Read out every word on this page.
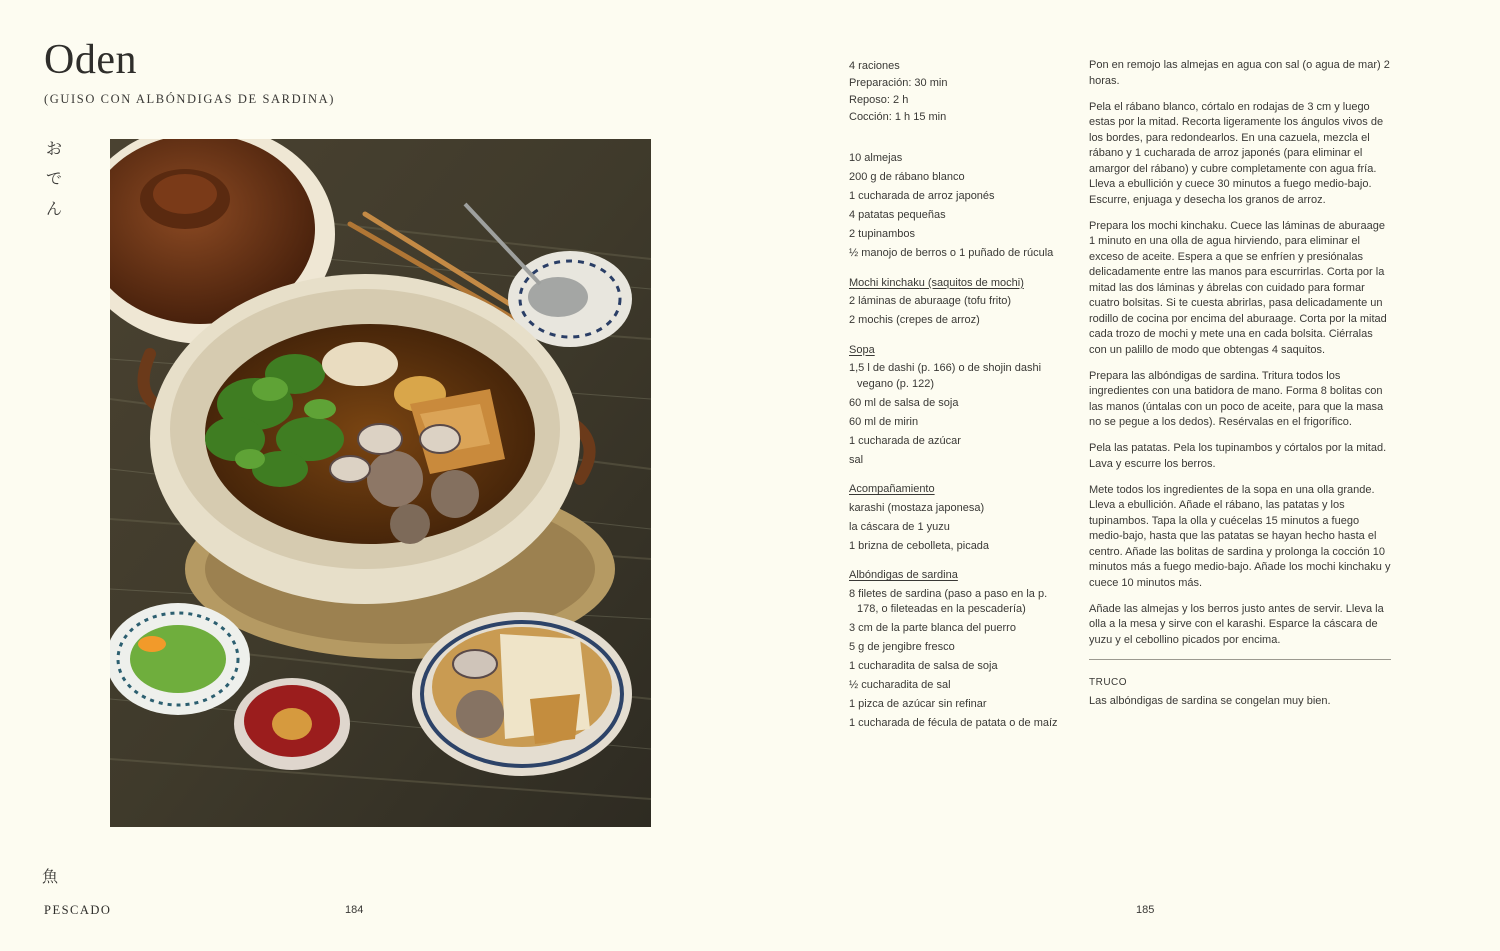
Oden
(GUISO CON ALBÓNDIGAS DE SARDINA)
お
で
ん
魚
PESCADO	184
4 raciones
Preparación: 30 min
Reposo: 2 h
Cocción: 1 h 15 min
10 almejas
200 g de rábano blanco
1 cucharada de arroz japonés
4 patatas pequeñas
2 tupinambos
½ manojo de berros o 1 puñado de rúcula
Mochi kinchaku (saquitos de mochi)
2 láminas de aburaage (tofu frito)
2 mochis (crepes de arroz)
Sopa
1,5 l de dashi (p. 166) o de shojin dashi vegano (p. 122)
60 ml de salsa de soja
60 ml de mirin
1 cucharada de azúcar
sal
Acompañamiento
karashi (mostaza japonesa)
la cáscara de 1 yuzu
1 brizna de cebolleta, picada
Albóndigas de sardina
8 filetes de sardina (paso a paso en la p. 178, o fileteadas en la pescadería)
3 cm de la parte blanca del puerro
5 g de jengibre fresco
1 cucharadita de salsa de soja
½ cucharadita de sal
1 pizca de azúcar sin refinar
1 cucharada de fécula de patata o de maíz

Pon en remojo las almejas en agua con sal (o agua de mar) 2 horas.

Pela el rábano blanco, córtalo en rodajas de 3 cm y luego estas por la mitad. Recorta ligeramente los ángulos vivos de los bordes, para redondearlos. En una cazuela, mezcla el rábano y 1 cucharada de arroz japonés (para eliminar el amargor del rábano) y cubre completamente con agua fría. Lleva a ebullición y cuece 30 minutos a fuego medio-bajo. Escurre, enjuaga y desecha los granos de arroz.

Prepara los mochi kinchaku. Cuece las láminas de aburaage 1 minuto en una olla de agua hirviendo, para eliminar el exceso de aceite. Espera a que se enfríen y presiónalas delicadamente entre las manos para escurrirlas. Corta por la mitad las dos láminas y ábrelas con cuidado para formar cuatro bolsitas. Si te cuesta abrirlas, pasa delicadamente un rodillo de cocina por encima del aburaage. Corta por la mitad cada trozo de mochi y mete una en cada bolsita. Ciérralas con un palillo de modo que obtengas 4 saquitos.

Prepara las albóndigas de sardina. Tritura todos los ingredientes con una batidora de mano. Forma 8 bolitas con las manos (úntalas con un poco de aceite, para que la masa no se pegue a los dedos). Resérvalas en el frigorífico.

Pela las patatas. Pela los tupinambos y córtalos por la mitad. Lava y escurre los berros.

Mete todos los ingredientes de la sopa en una olla grande. Lleva a ebullición. Añade el rábano, las patatas y los tupinambos. Tapa la olla y cuécelas 15 minutos a fuego medio-bajo, hasta que las patatas se hayan hecho hasta el centro. Añade las bolitas de sardina y prolonga la cocción 10 minutos más a fuego medio-bajo. Añade los mochi kinchaku y cuece 10 minutos más.

Añade las almejas y los berros justo antes de servir. Lleva la olla a la mesa y sirve con el karashi. Esparce la cáscara de yuzu y el cebollino picados por encima.

TRUCO
Las albóndigas de sardina se congelan muy bien.
185
